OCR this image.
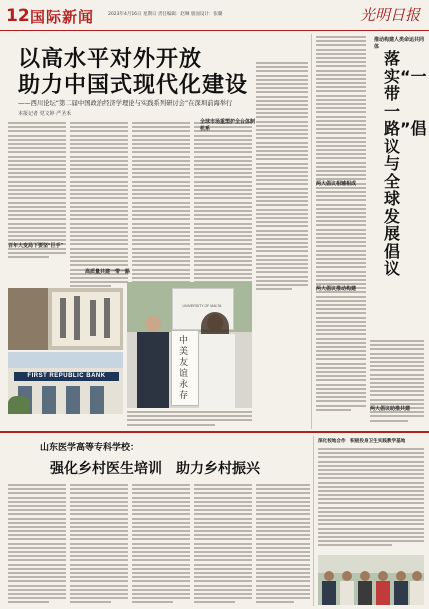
12 国际新闻	2023年4月16日 星期日 责任编辑：赵琳 版面设计：张璐	光明日报
以高水平对外开放
助力中国式现代化建设
——西川论坛“第二届中国政治经济学理论与实践系列研讨会”在深圳前海举行
本报记者 党文婷 严圣禾
百年大变局下要坚“巨手”
高质量共建一带一路
全球市场重塑护全台体制机系
FIRST REPUBLIC BANK
UNIVERSITY OF MALTA
中美友谊永存
推动构建人类命运共同体
落实“一带一路”倡议与全球发展倡议
两大倡议相辅相成
两大倡议推动构建
两大倡议助推共建
山东医学高等专科学校：
强化乡村医生培训　助力乡村振兴
深化校地合作　积极投身卫生实践教学基地
